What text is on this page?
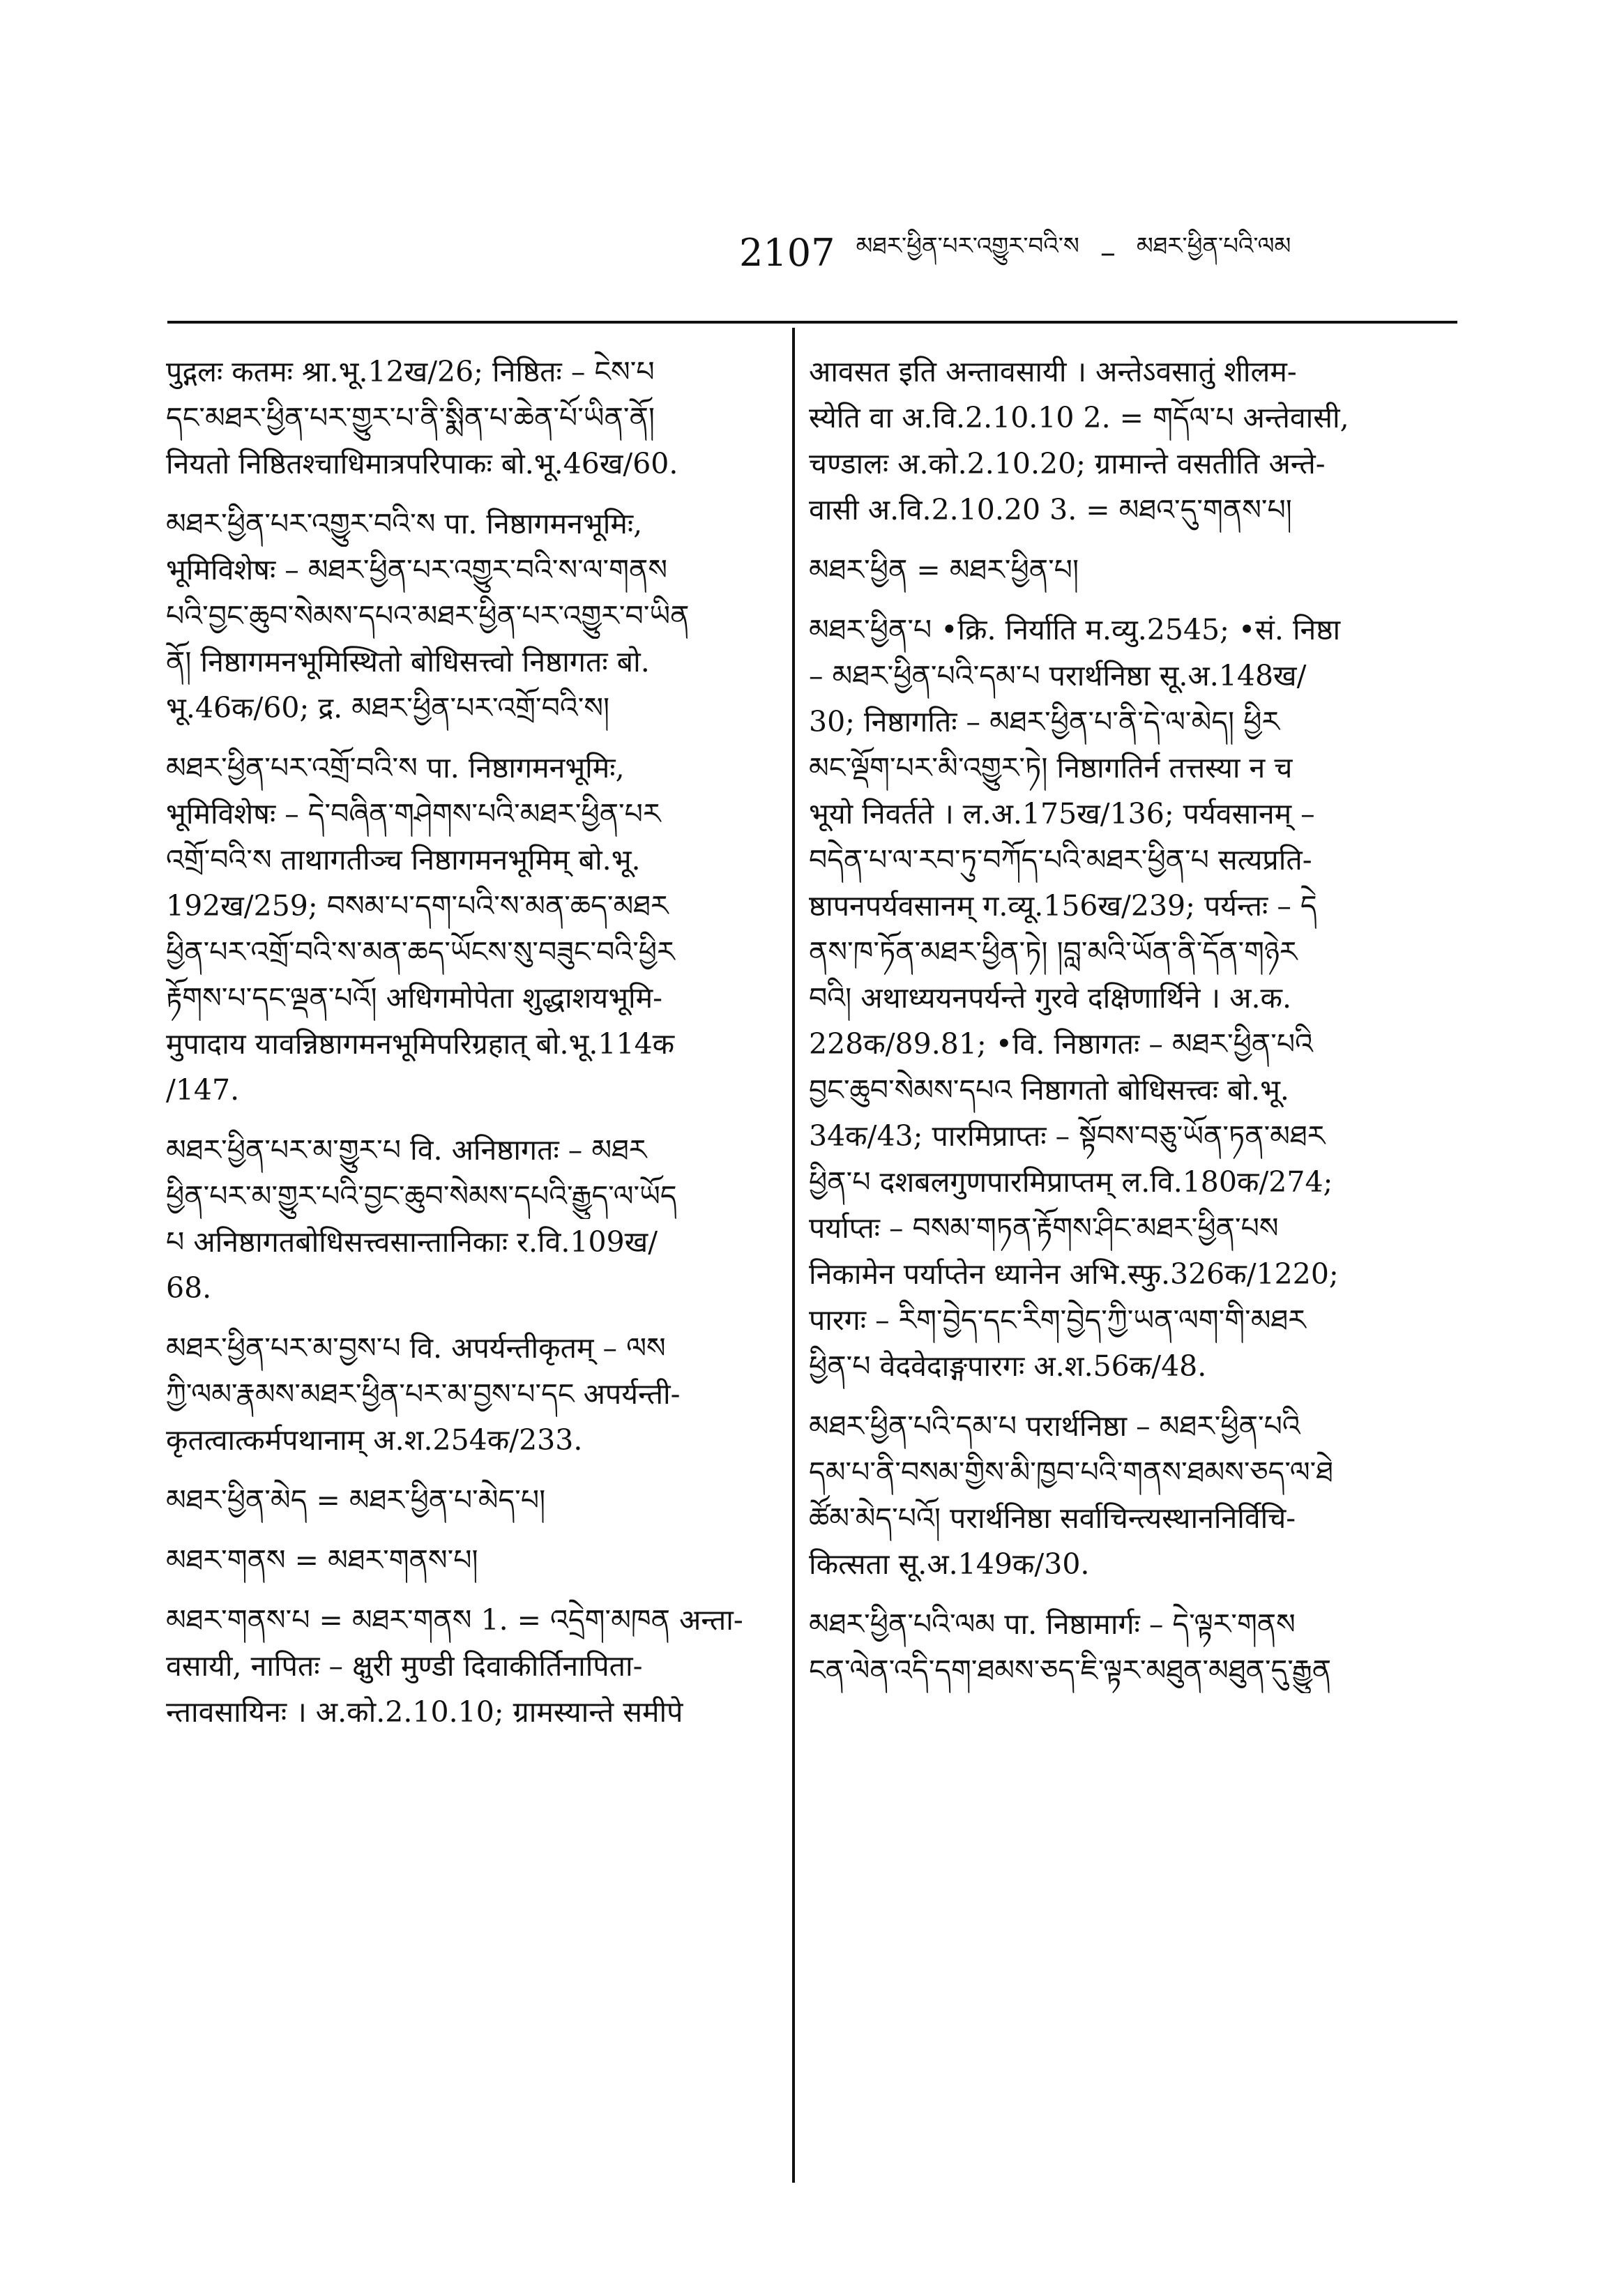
2107 མཐར་ཕྱིན་པར་འགྱུར་བའི་ས – མཐར་ཕྱིན་པའི་ལམ
पुद्गलः कतमः श्रा.भू.12ख/26; निष्ठितः – ངེས་པ
དང་མཐར་ཕྱིན་པར་གྱུར་པ་ནི་སྨིན་པ་ཆེན་པོ་ཡིན་ནོ།
नियतो निष्ठितश्चाधिमात्रपरिपाकः बो.भू.46ख/60.
མཐར་ཕྱིན་པར་འགྱུར་བའི་ས पा. निष्ठागमनभूमिः,
भूमिविशेषः – མཐར་ཕྱིན་པར་འགྱུར་བའི་ས་ལ་གནས
པའི་བྱང་ཆུབ་སེམས་དཔའ་མཐར་ཕྱིན་པར་འགྱུར་བ་ཡིན
ནོ། निष्ठागमनभूमिस्थितो बोधिसत्त्वो निष्ठागतः बो.
भू.46क/60; द्र. མཐར་ཕྱིན་པར་འགྲོ་བའི་ས།
མཐར་ཕྱིན་པར་འགྲོ་བའི་ས पा. निष्ठागमनभूमिः,
भूमिविशेषः – དེ་བཞིན་གཤེགས་པའི་མཐར་ཕྱིན་པར
འགྲོ་བའི་ས ताथागतीञ्च निष्ठागमनभूमिम् बो.भू.
192ख/259; བསམ་པ་དག་པའི་ས་མན་ཆད་མཐར
ཕྱིན་པར་འགྲོ་བའི་ས་མན་ཆད་ཡོངས་སུ་བཟུང་བའི་ཕྱིར
རྟོགས་པ་དང་ལྡན་པའོ། अधिगमोपेता शुद्धाशयभूमि-
मुपादाय यावन्निष्ठागमनभूमिपरिग्रहात् बो.भू.114क
/147.
མཐར་ཕྱིན་པར་མ་གྱུར་པ वि. अनिष्ठागतः – མཐར
ཕྱིན་པར་མ་གྱུར་པའི་བྱང་ཆུབ་སེམས་དཔའི་རྒྱུད་ལ་ཡོད
པ अनिष्ठागतबोधिसत्त्वसान्तानिकाः र.वि.109ख/
68.
མཐར་ཕྱིན་པར་མ་བྱས་པ वि. अपर्यन्तीकृतम् – ལས
ཀྱི་ལམ་རྣམས་མཐར་ཕྱིན་པར་མ་བྱས་པ་དང अपर्यन्ती-
कृतत्वात्कर्मपथानाम् अ.श.254क/233.
མཐར་ཕྱིན་མེད = མཐར་ཕྱིན་པ་མེད་པ།
མཐར་གནས = མཐར་གནས་པ།
མཐར་གནས་པ = མཐར་གནས 1. = འདྲེག་མཁན अन्ता-
वसायी, नापितः – क्षुरी मुण्डी दिवाकीर्तिनापिता-
न्तावसायिनः । अ.को.2.10.10; ग्रामस्यान्ते समीपे
आवसत इति अन्तावसायी । अन्तेऽवसातुं शीलम-
स्येति वा अ.वि.2.10.10 2. = གདོལ་པ अन्तेवासी,
चण्डालः अ.को.2.10.20; ग्रामान्ते वसतीति अन्ते-
वासी अ.वि.2.10.20 3. = མཐའ་དུ་གནས་པ།
མཐར་ཕྱིན = མཐར་ཕྱིན་པ།
མཐར་ཕྱིན་པ •क्रि. निर्याति म.व्यु.2545; •सं. निष्ठा
– མཐར་ཕྱིན་པའི་དམ་པ परार्थनिष्ठा सू.अ.148ख/
30; निष्ठागतिः – མཐར་ཕྱིན་པ་ནི་དེ་ལ་མེད། ཕྱིར
མང་ལྡོག་པར་མི་འགྱུར་ཏེ། निष्ठागतिर्न तत्तस्या न च
भूयो निवर्तते । ल.अ.175ख/136; पर्यवसानम् –
བདེན་པ་ལ་རབ་ཏུ་བཀོད་པའི་མཐར་ཕྱིན་པ सत्यप्रति-
ष्ठापनपर्यवसानम् ग.व्यू.156ख/239; पर्यन्तः – དེ
ནས་ཁ་ཏོན་མཐར་ཕྱིན་ཏེ། །བླ་མའི་ཡོན་ནི་དོན་གཉེར
བའི། अथाध्ययनपर्यन्ते गुरवे दक्षिणार्थिने । अ.क.
228क/89.81; •वि. निष्ठागतः – མཐར་ཕྱིན་པའི
བྱང་ཆུབ་སེམས་དཔའ निष्ठागतो बोधिसत्त्वः बो.भू.
34क/43; पारमिप्राप्तः – སྟོབས་བཅུ་ཡོན་ཏན་མཐར
ཕྱིན་པ दशबलगुणपारमिप्राप्तम् ल.वि.180क/274;
पर्याप्तः – བསམ་གཏན་རྟོགས་ཤིང་མཐར་ཕྱིན་པས
निकामेन पर्याप्तेन ध्यानेन अभि.स्फु.326क/1220;
पारगः – རིག་བྱེད་དང་རིག་བྱེད་ཀྱི་ཡན་ལག་གི་མཐར
ཕྱིན་པ वेदवेदाङ्गपारगः अ.श.56क/48.
མཐར་ཕྱིན་པའི་དམ་པ परार्थनिष्ठा – མཐར་ཕྱིན་པའི
དམ་པ་ནི་བསམ་གྱིས་མི་ཁྱབ་པའི་གནས་ཐམས་ཅད་ལ་ཐེ
ཚོམ་མེད་པའོ། परार्थनिष्ठा सर्वाचिन्त्यस्थाननिर्विचि-
कित्सता सू.अ.149क/30.
མཐར་ཕྱིན་པའི་ལམ पा. निष्ठामार्गः – དེ་ལྟར་གནས
ངན་ལེན་འདི་དག་ཐམས་ཅད་ཇི་ལྟར་མཐུན་མཐུན་དུ་རྒྱུན
